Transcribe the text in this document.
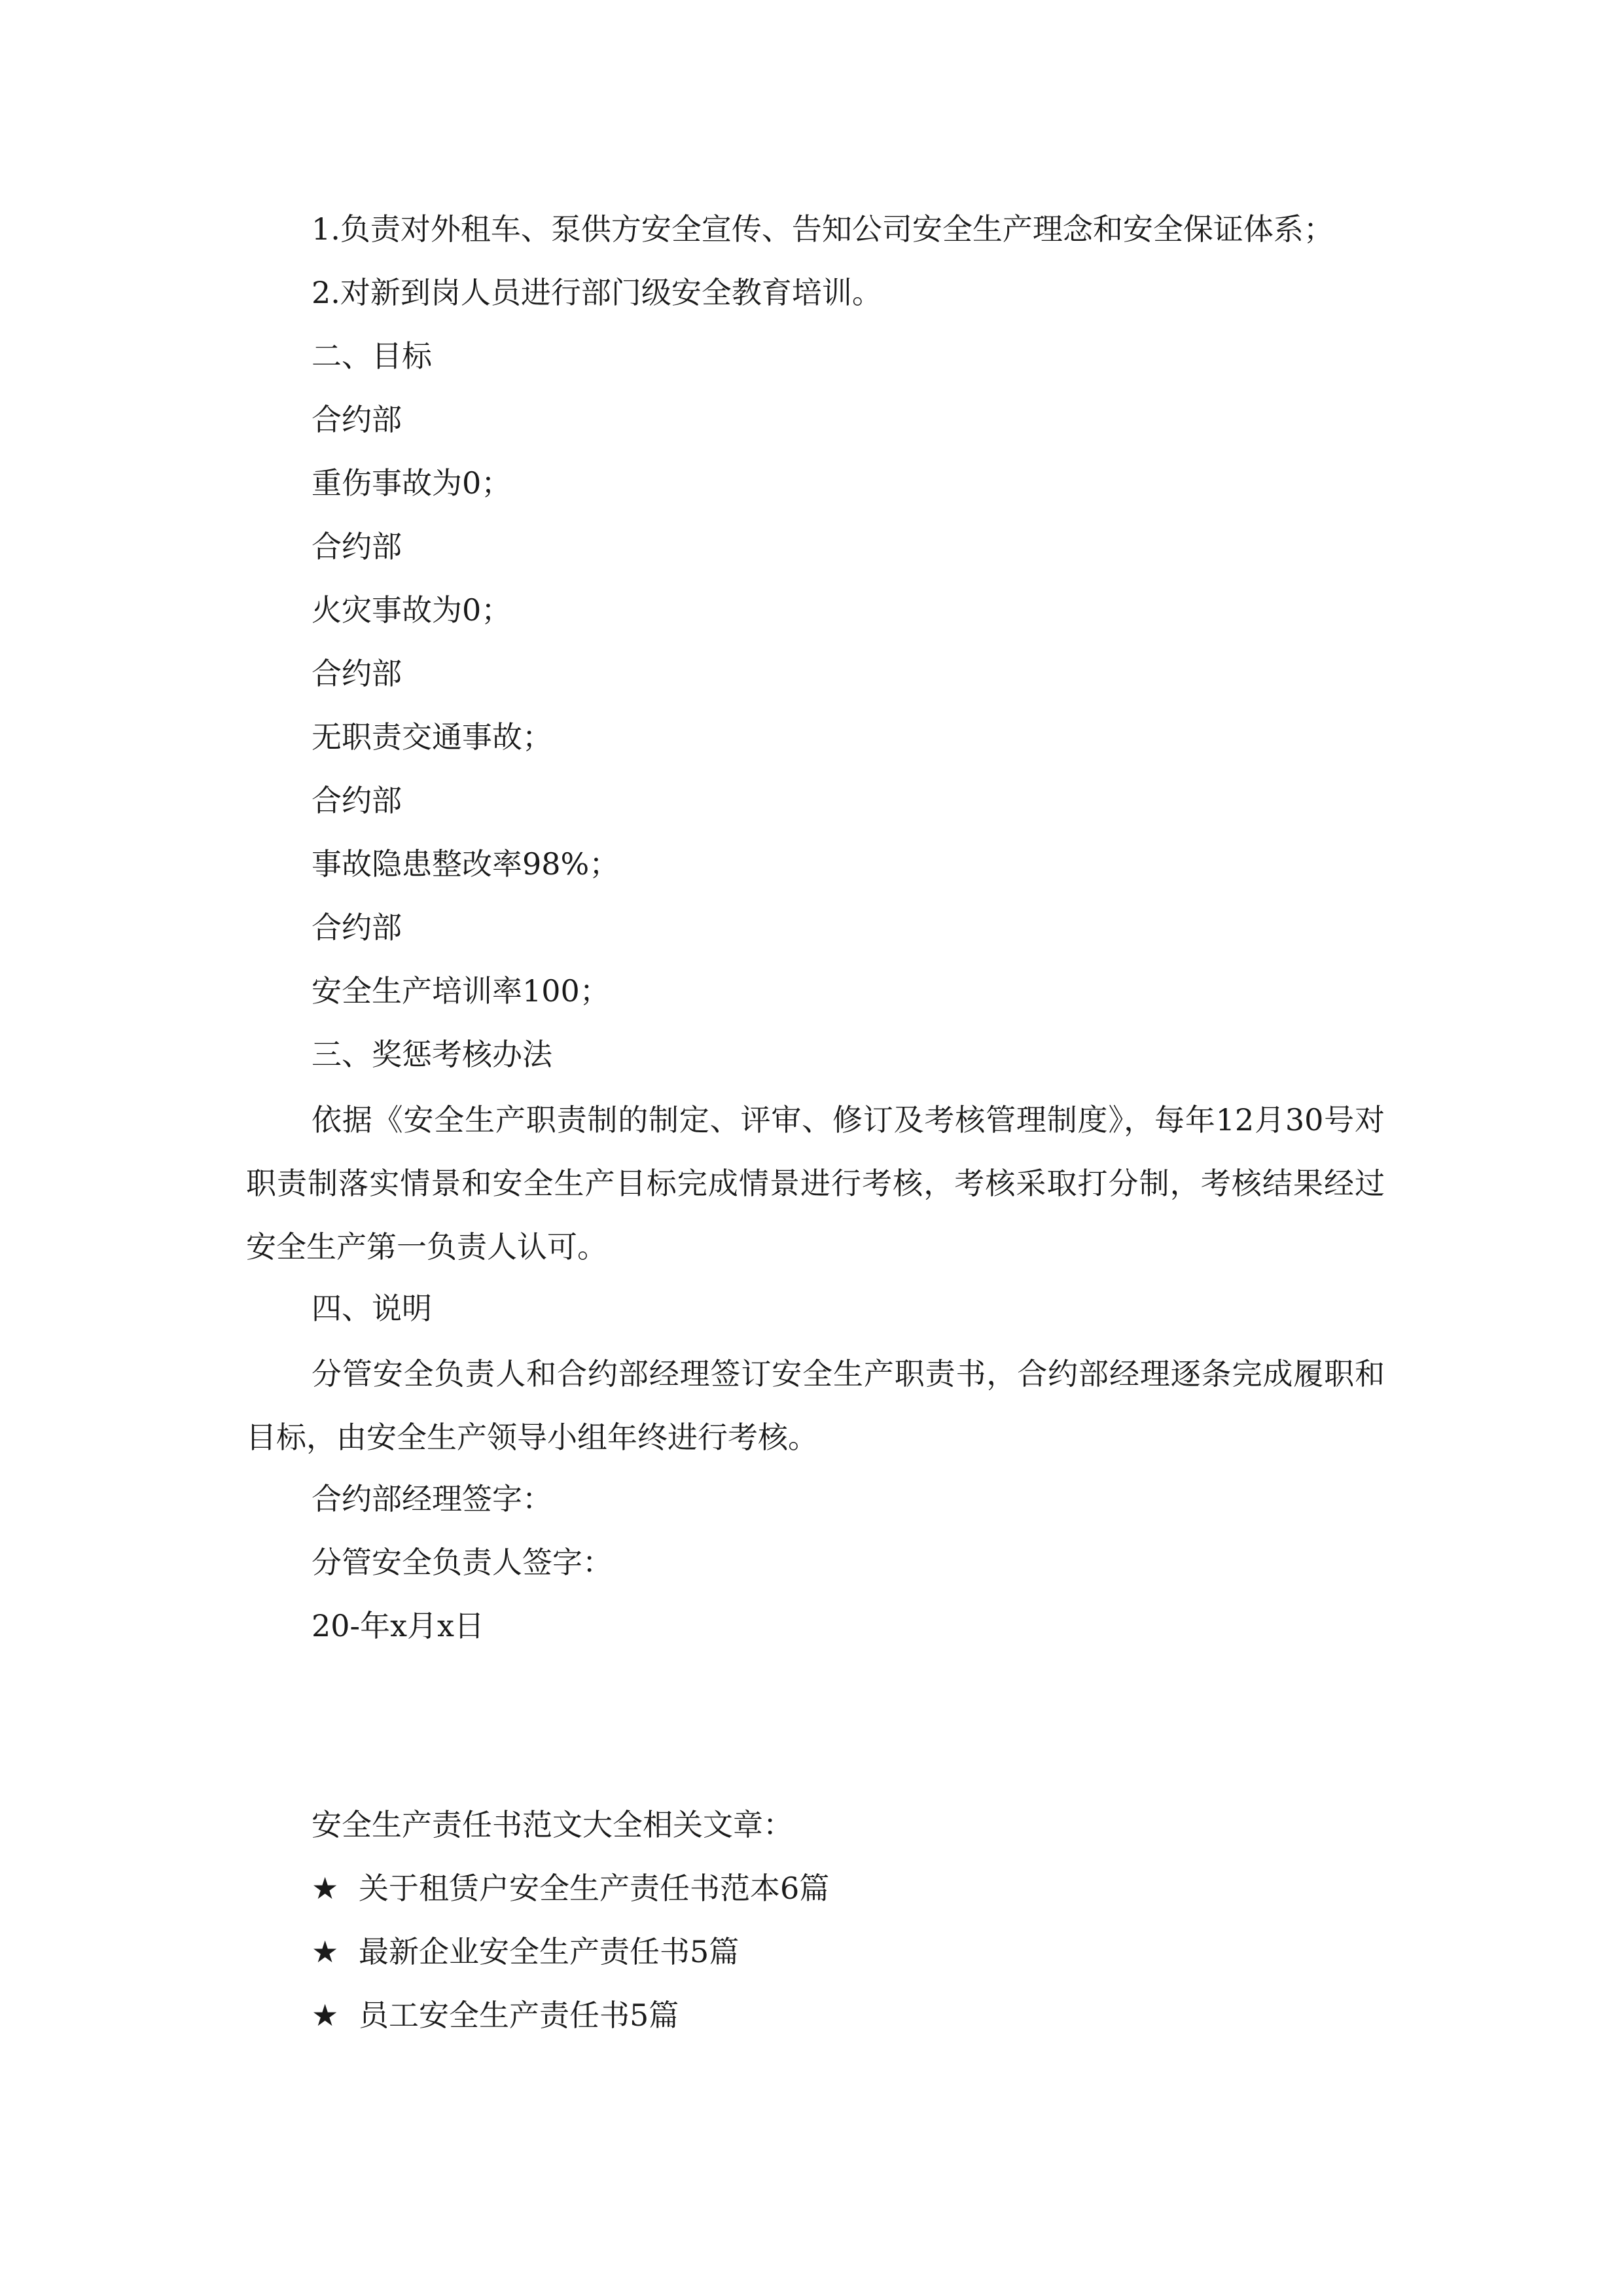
1.负责对外租车、泵供方安全宣传、告知公司安全生产理念和安全保证体系；
2.对新到岗人员进行部门级安全教育培训。
二、目标
合约部
重伤事故为0；
合约部
火灾事故为0；
合约部
无职责交通事故；
合约部
事故隐患整改率98%；
合约部
安全生产培训率100；
三、奖惩考核办法
依据《安全生产职责制的制定、评审、修订及考核管理制度》，每年12月30号对职责制落实情景和安全生产目标完成情景进行考核，考核采取打分制，考核结果经过安全生产第一负责人认可。
四、说明
分管安全负责人和合约部经理签订安全生产职责书，合约部经理逐条完成履职和目标，由安全生产领导小组年终进行考核。
合约部经理签字：
分管安全负责人签字：
20-年x月x日
安全生产责任书范文大全相关文章：
★ 关于租赁户安全生产责任书范本6篇
★ 最新企业安全生产责任书5篇
★ 员工安全生产责任书5篇
